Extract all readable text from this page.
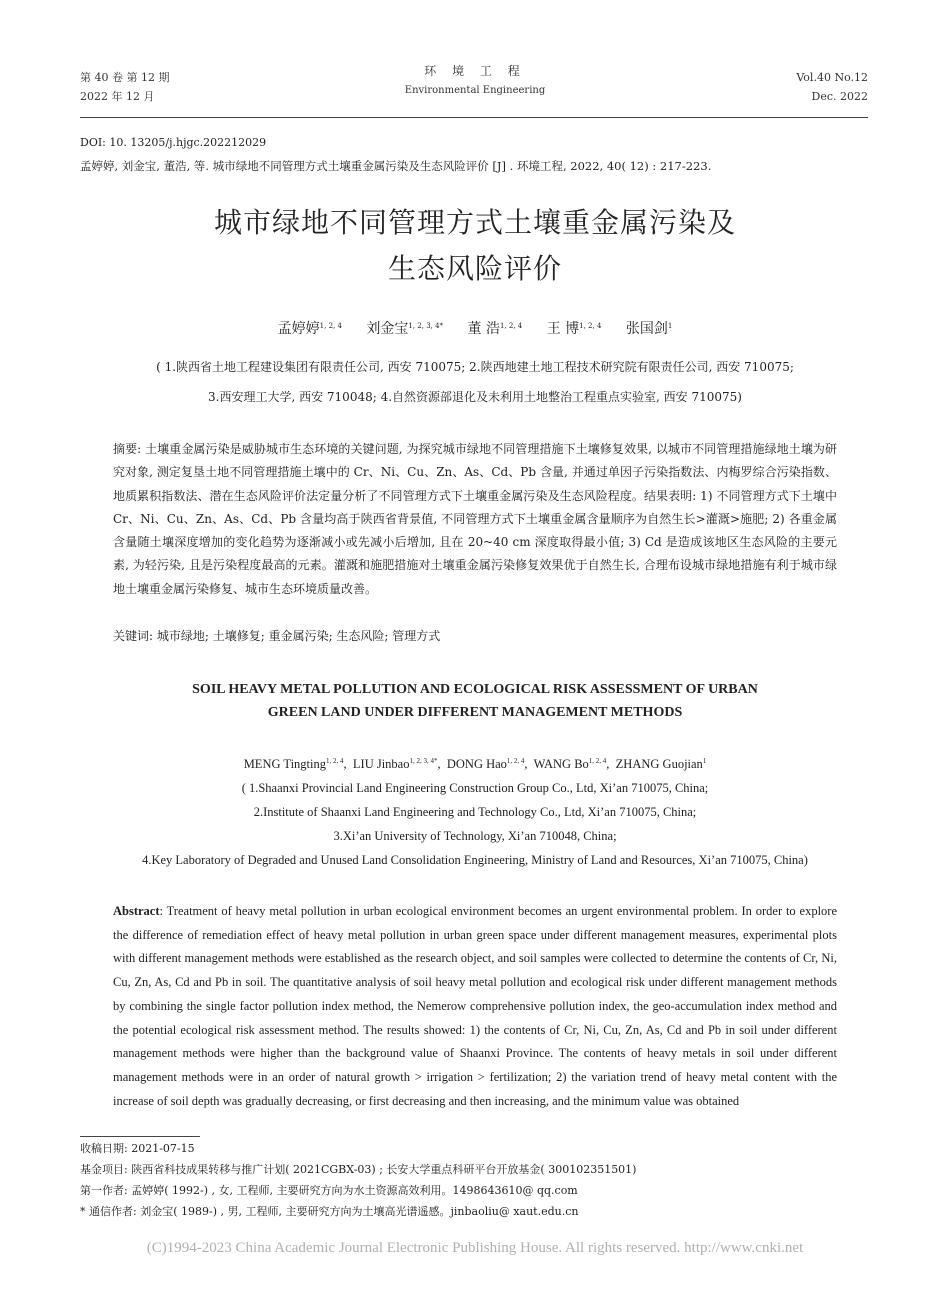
第 40 卷 第 12 期
2022 年 12 月
环 境 工 程
Environmental Engineering
Vol.40 No.12
Dec. 2022
DOI: 10. 13205/j.hjgc.202212029
孟婷婷, 刘金宝, 董浩, 等. 城市绿地不同管理方式土壤重金属污染及生态风险评价 [J] . 环境工程, 2022, 40( 12) : 217-223.
城市绿地不同管理方式土壤重金属污染及
生态风险评价
孟婷婷$^{1, 2, 4}$ 刘金宝$^{1, 2, 3, 4*}$ 董 浩$^{1, 2, 4}$ 王 博$^{1, 2, 4}$ 张国剑$^1$
( 1.陕西省土地工程建设集团有限责任公司, 西安 710075; 2.陕西地建土地工程技术研究院有限责任公司, 西安 710075;
3.西安理工大学, 西安 710048; 4.自然资源部退化及未利用土地整治工程重点实验室, 西安 710075)
摘要: 土壤重金属污染是威胁城市生态环境的关键问题, 为探究城市绿地不同管理措施下土壤修复效果, 以城市不同管理措施绿地土壤为研究对象, 测定复垦土地不同管理措施土壤中的 Cr、Ni、Cu、Zn、As、Cd、Pb 含量, 并通过单因子污染指数法、内梅罗综合污染指数、地质累积指数法、潜在生态风险评价法定量分析了不同管理方式下土壤重金属污染及生态风险程度。结果表明: 1) 不同管理方式下土壤中 Cr、Ni、Cu、Zn、As、Cd、Pb 含量均高于陕西省背景值, 不同管理方式下土壤重金属含量顺序为自然生长>灌溉>施肥; 2) 各重金属含量随土壤深度增加的变化趋势为逐渐减小或先减小后增加, 且在 20~40 cm 深度取得最小值; 3) Cd 是造成该地区生态风险的主要元素, 为轻污染, 且是污染程度最高的元素。灌溉和施肥措施对土壤重金属污染修复效果优于自然生长, 合理布设城市绿地措施有利于城市绿地土壤重金属污染修复、城市生态环境质量改善。
关键词: 城市绿地; 土壤修复; 重金属污染; 生态风险; 管理方式
SOIL HEAVY METAL POLLUTION AND ECOLOGICAL RISK ASSESSMENT OF URBAN
GREEN LAND UNDER DIFFERENT MANAGEMENT METHODS
MENG Tingting$^{1, 2, 4}$,  LIU Jinbao$^{1, 2, 3, 4*}$,  DONG Hao$^{1, 2, 4}$,  WANG Bo$^{1, 2, 4}$,  ZHANG Guojian$^1$
( 1.Shaanxi Provincial Land Engineering Construction Group Co., Ltd, Xi’an 710075, China;
2.Institute of Shaanxi Land Engineering and Technology Co., Ltd, Xi’an 710075, China;
3.Xi’an University of Technology, Xi’an 710048, China;
4.Key Laboratory of Degraded and Unused Land Consolidation Engineering, Ministry of Land and Resources, Xi’an 710075, China)
Abstract: Treatment of heavy metal pollution in urban ecological environment becomes an urgent environmental problem. In order to explore the difference of remediation effect of heavy metal pollution in urban green space under different management measures, experimental plots with different management methods were established as the research object, and soil samples were collected to determine the contents of Cr, Ni, Cu, Zn, As, Cd and Pb in soil. The quantitative analysis of soil heavy metal pollution and ecological risk under different management methods by combining the single factor pollution index method, the Nemerow comprehensive pollution index, the geo-accumulation index method and the potential ecological risk assessment method. The results showed: 1) the contents of Cr, Ni, Cu, Zn, As, Cd and Pb in soil under different management methods were higher than the background value of Shaanxi Province. The contents of heavy metals in soil under different management methods were in an order of natural growth > irrigation > fertilization; 2) the variation trend of heavy metal content with the increase of soil depth was gradually decreasing, or first decreasing and then increasing, and the minimum value was obtained
收稿日期: 2021-07-15
基金项目: 陕西省科技成果转移与推广计划( 2021CGBX-03) ; 长安大学重点科研平台开放基金( 300102351501)
第一作者: 孟婷婷( 1992-) , 女, 工程师, 主要研究方向为水土资源高效利用。1498643610@ qq.com
* 通信作者: 刘金宝( 1989-) , 男, 工程师, 主要研究方向为土壤高光谱遥感。jinbaoliu@ xaut.edu.cn
(C)1994-2023 China Academic Journal Electronic Publishing House. All rights reserved. http://www.cnki.net
